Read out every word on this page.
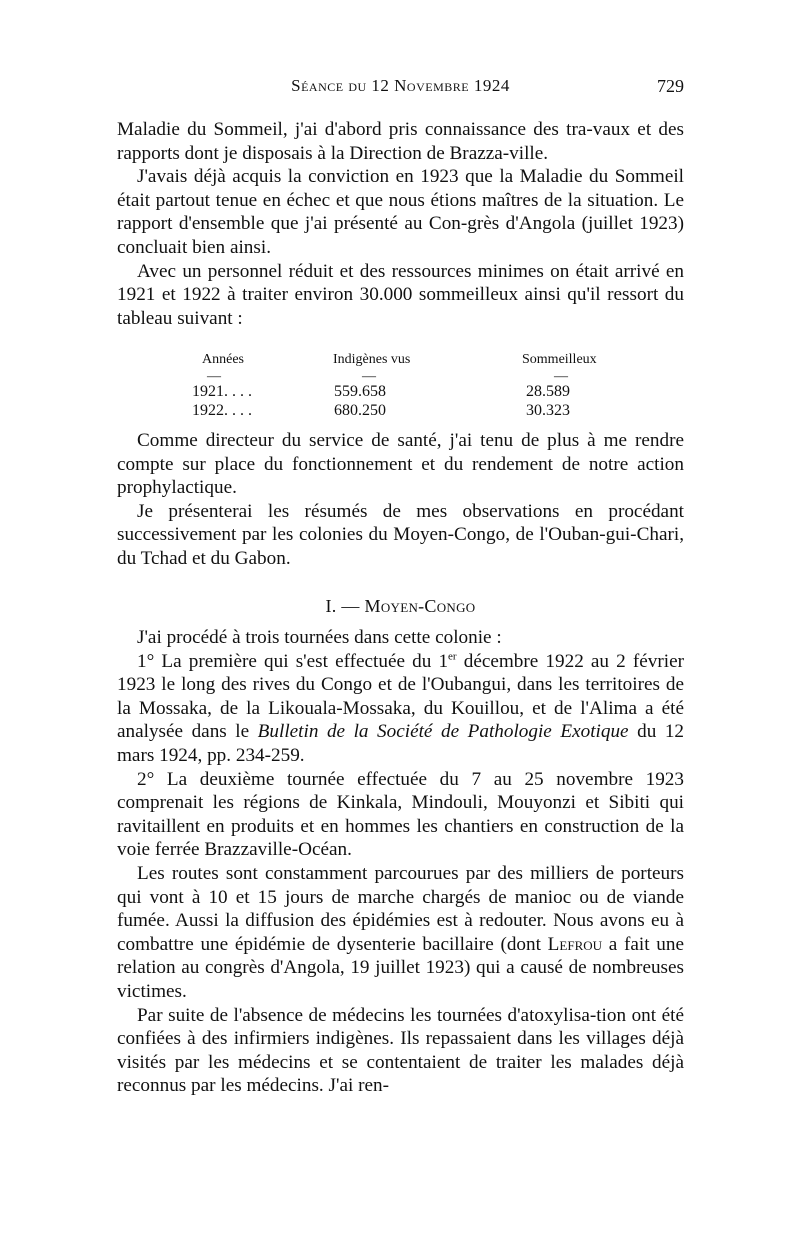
Séance du 12 Novembre 1924	729

Maladie du Sommeil, j'ai d'abord pris connaissance des tra-vaux et des rapports dont je disposais à la Direction de Brazza-ville.

J'avais déjà acquis la conviction en 1923 que la Maladie du Sommeil était partout tenue en échec et que nous étions maîtres de la situation. Le rapport d'ensemble que j'ai présenté au Con-grès d'Angola (juillet 1923) concluait bien ainsi.

Avec un personnel réduit et des ressources minimes on était arrivé en 1921 et 1922 à traiter environ 30.000 sommeilleux ainsi qu'il ressort du tableau suivant :

Années	Indigènes vus	Sommeilleux
—	—	—
1921. . . .	559.658	28.589
1922. . . .	680.250	30.323

Comme directeur du service de santé, j'ai tenu de plus à me rendre compte sur place du fonctionnement et du rendement de notre action prophylactique.

Je présenterai les résumés de mes observations en procédant successivement par les colonies du Moyen-Congo, de l'Ouban-gui-Chari, du Tchad et du Gabon.

I. — Moyen-Congo

J'ai procédé à trois tournées dans cette colonie :

1° La première qui s'est effectuée du 1er décembre 1922 au 2 février 1923 le long des rives du Congo et de l'Oubangui, dans les territoires de la Mossaka, de la Likouala-Mossaka, du Kouillou, et de l'Alima a été analysée dans le Bulletin de la Société de Pathologie Exotique du 12 mars 1924, pp. 234-259.

2° La deuxième tournée effectuée du 7 au 25 novembre 1923 comprenait les régions de Kinkala, Mindouli, Mouyonzi et Sibiti qui ravitaillent en produits et en hommes les chantiers en construction de la voie ferrée Brazzaville-Océan.

Les routes sont constamment parcourues par des milliers de porteurs qui vont à 10 et 15 jours de marche chargés de manioc ou de viande fumée. Aussi la diffusion des épidémies est à redouter. Nous avons eu à combattre une épidémie de dysenterie bacillaire (dont Lefrou a fait une relation au congrès d'Angola, 19 juillet 1923) qui a causé de nombreuses victimes.

Par suite de l'absence de médecins les tournées d'atoxylisa-tion ont été confiées à des infirmiers indigènes. Ils repassaient dans les villages déjà visités par les médecins et se contentaient de traiter les malades déjà reconnus par les médecins. J'ai ren-
